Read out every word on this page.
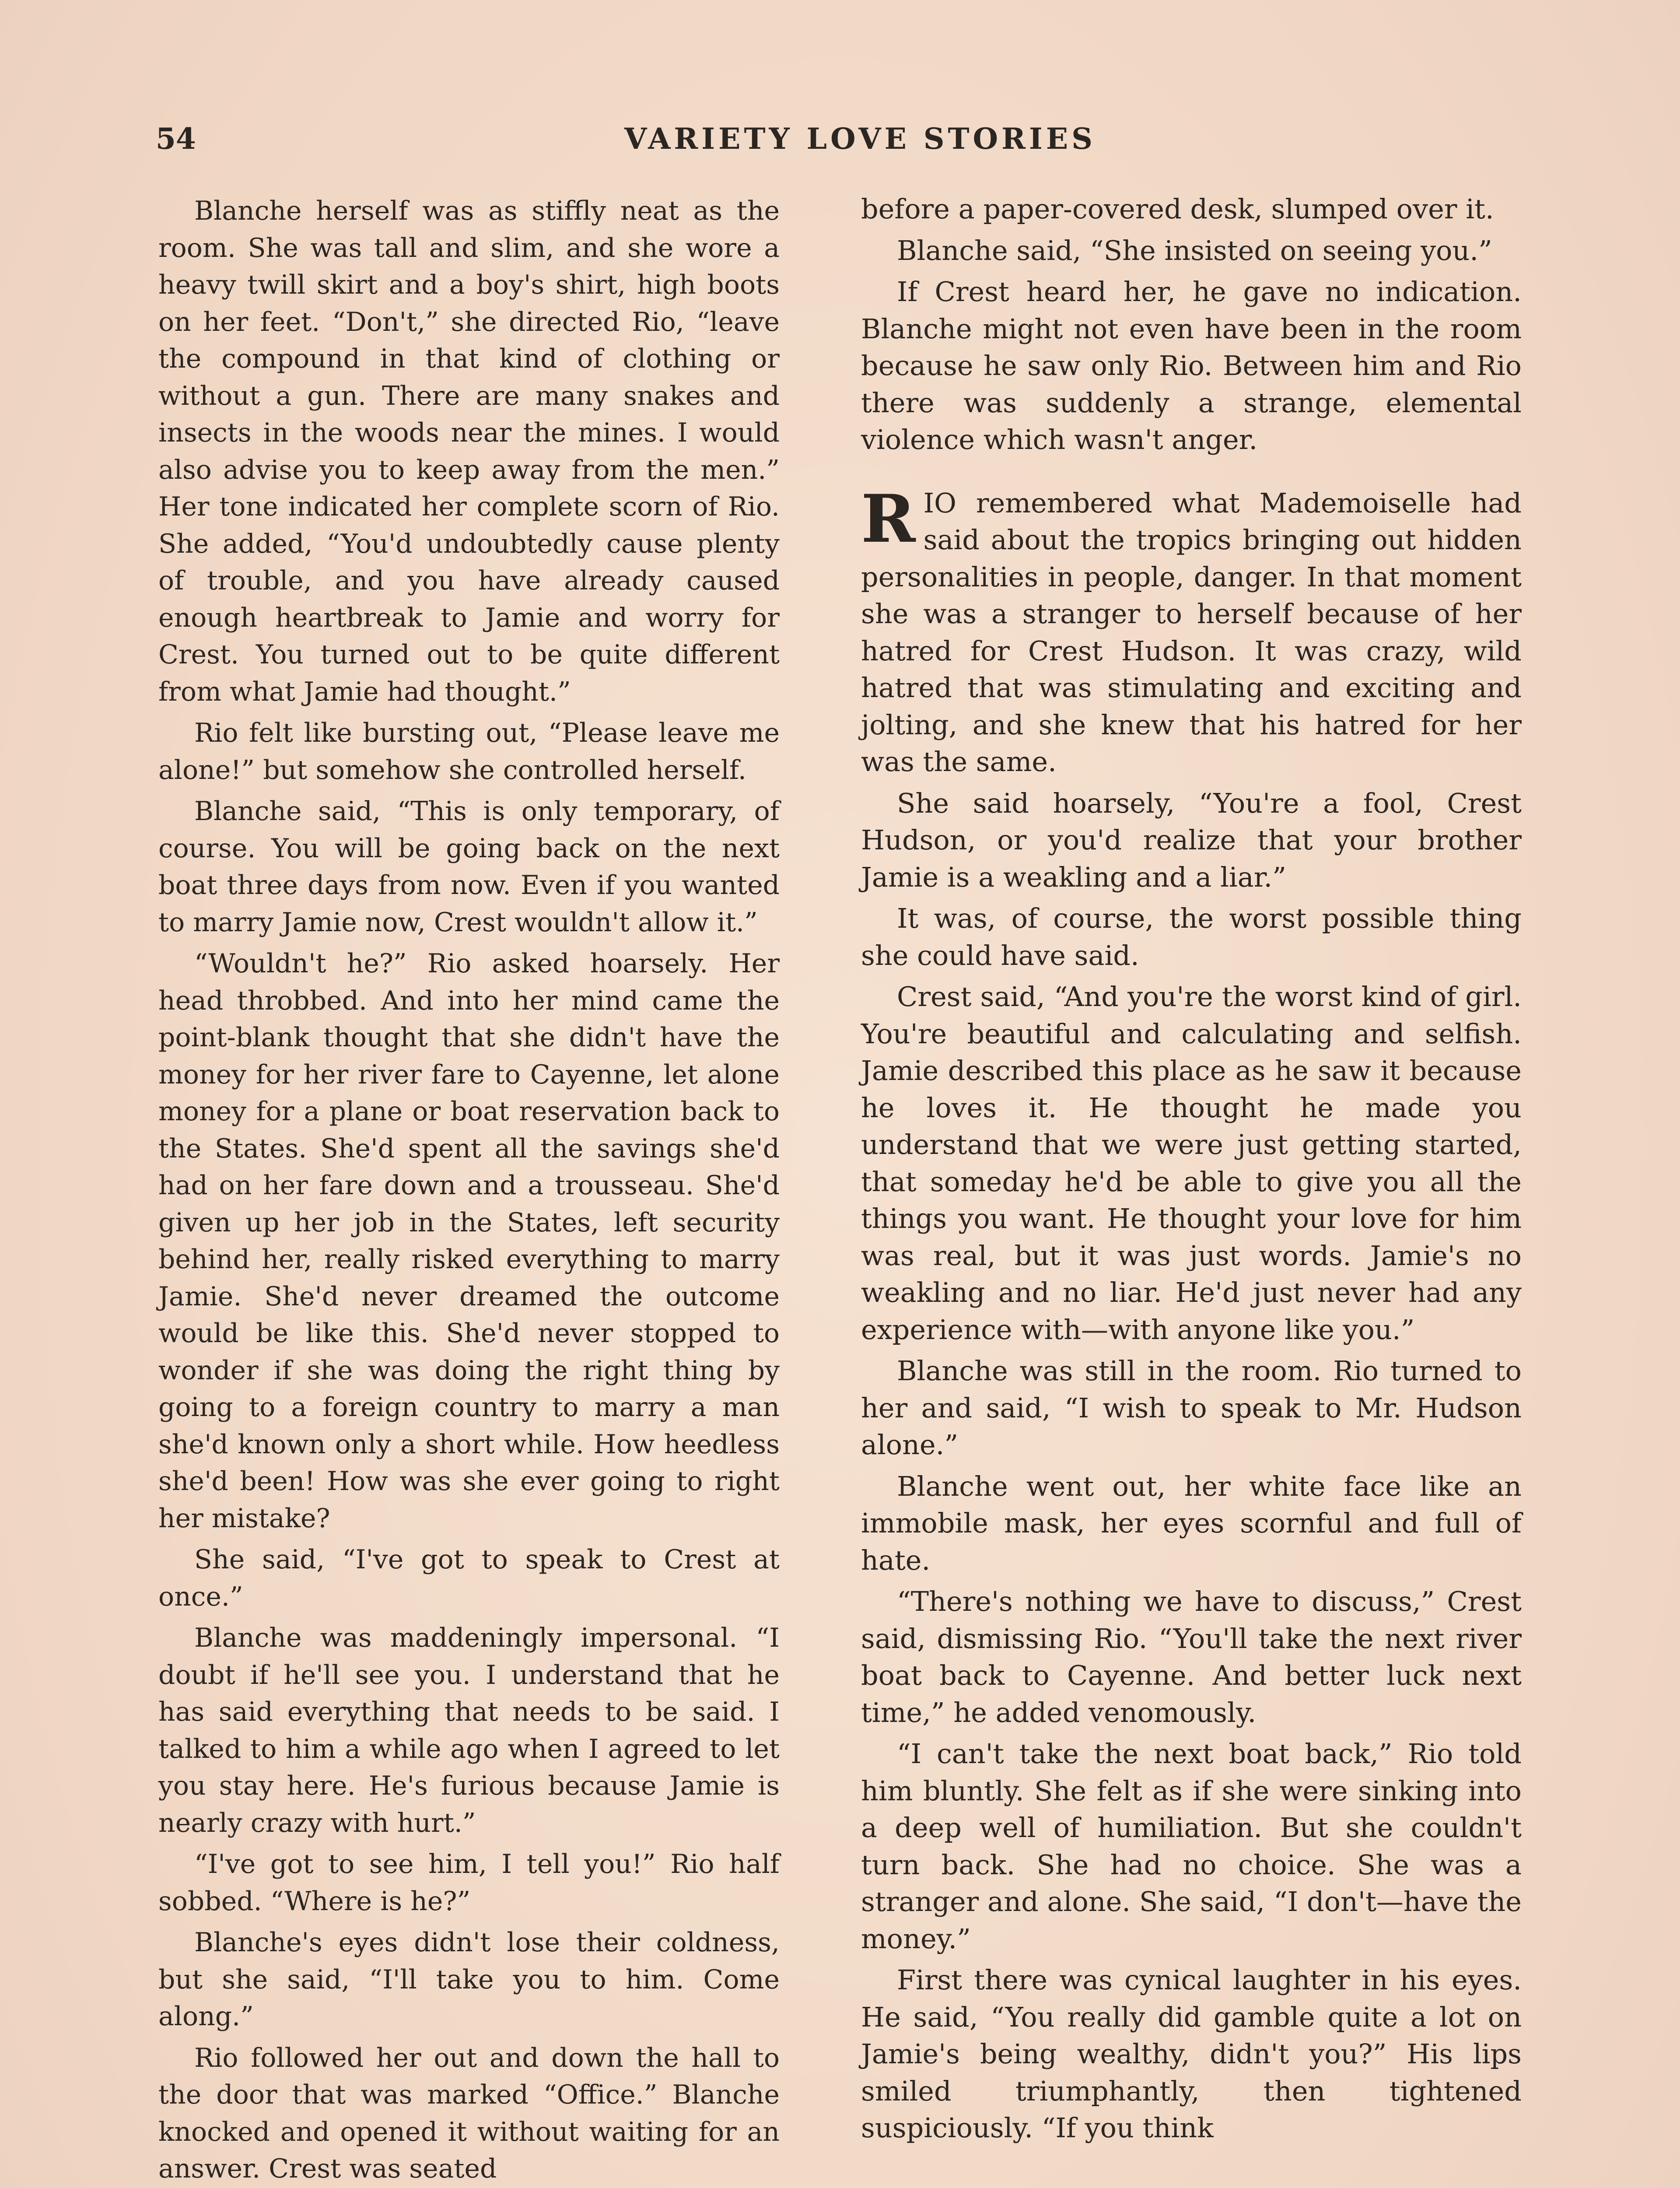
54	VARIETY LOVE STORIES

Blanche herself was as stiffly neat as the room. She was tall and slim, and she wore a heavy twill skirt and a boy's shirt, high boots on her feet. “Don't,” she directed Rio, “leave the compound in that kind of clothing or without a gun. There are many snakes and insects in the woods near the mines. I would also advise you to keep away from the men.” Her tone indicated her complete scorn of Rio. She added, “You'd undoubtedly cause plenty of trouble, and you have already caused enough heartbreak to Jamie and worry for Crest. You turned out to be quite different from what Jamie had thought.”

Rio felt like bursting out, “Please leave me alone!” but somehow she controlled herself.

Blanche said, “This is only temporary, of course. You will be going back on the next boat three days from now. Even if you wanted to marry Jamie now, Crest wouldn't allow it.”

“Wouldn't he?” Rio asked hoarsely. Her head throbbed. And into her mind came the point-blank thought that she didn't have the money for her river fare to Cayenne, let alone money for a plane or boat reservation back to the States. She'd spent all the savings she'd had on her fare down and a trousseau. She'd given up her job in the States, left security behind her, really risked everything to marry Jamie. She'd never dreamed the outcome would be like this. She'd never stopped to wonder if she was doing the right thing by going to a foreign country to marry a man she'd known only a short while. How heedless she'd been! How was she ever going to right her mistake?

She said, “I've got to speak to Crest at once.”

Blanche was maddeningly impersonal. “I doubt if he'll see you. I understand that he has said everything that needs to be said. I talked to him a while ago when I agreed to let you stay here. He's furious because Jamie is nearly crazy with hurt.”

“I've got to see him, I tell you!” Rio half sobbed. “Where is he?”

Blanche's eyes didn't lose their coldness, but she said, “I'll take you to him. Come along.”

Rio followed her out and down the hall to the door that was marked “Office.” Blanche knocked and opened it without waiting for an answer. Crest was seated

before a paper-covered desk, slumped over it.

Blanche said, “She insisted on seeing you.”

If Crest heard her, he gave no indication. Blanche might not even have been in the room because he saw only Rio. Between him and Rio there was suddenly a strange, elemental violence which wasn't anger.

RIO remembered what Mademoiselle had said about the tropics bringing out hidden personalities in people, danger. In that moment she was a stranger to herself because of her hatred for Crest Hudson. It was crazy, wild hatred that was stimulating and exciting and jolting, and she knew that his hatred for her was the same.

She said hoarsely, “You're a fool, Crest Hudson, or you'd realize that your brother Jamie is a weakling and a liar.”

It was, of course, the worst possible thing she could have said.

Crest said, “And you're the worst kind of girl. You're beautiful and calculating and selfish. Jamie described this place as he saw it because he loves it. He thought he made you understand that we were just getting started, that someday he'd be able to give you all the things you want. He thought your love for him was real, but it was just words. Jamie's no weakling and no liar. He'd just never had any experience with—with anyone like you.”

Blanche was still in the room. Rio turned to her and said, “I wish to speak to Mr. Hudson alone.”

Blanche went out, her white face like an immobile mask, her eyes scornful and full of hate.

“There's nothing we have to discuss,” Crest said, dismissing Rio. “You'll take the next river boat back to Cayenne. And better luck next time,” he added venomously.

“I can't take the next boat back,” Rio told him bluntly. She felt as if she were sinking into a deep well of humiliation. But she couldn't turn back. She had no choice. She was a stranger and alone. She said, “I don't—have the money.”

First there was cynical laughter in his eyes. He said, “You really did gamble quite a lot on Jamie's being wealthy, didn't you?” His lips smiled triumphantly, then tightened suspiciously. “If you think
